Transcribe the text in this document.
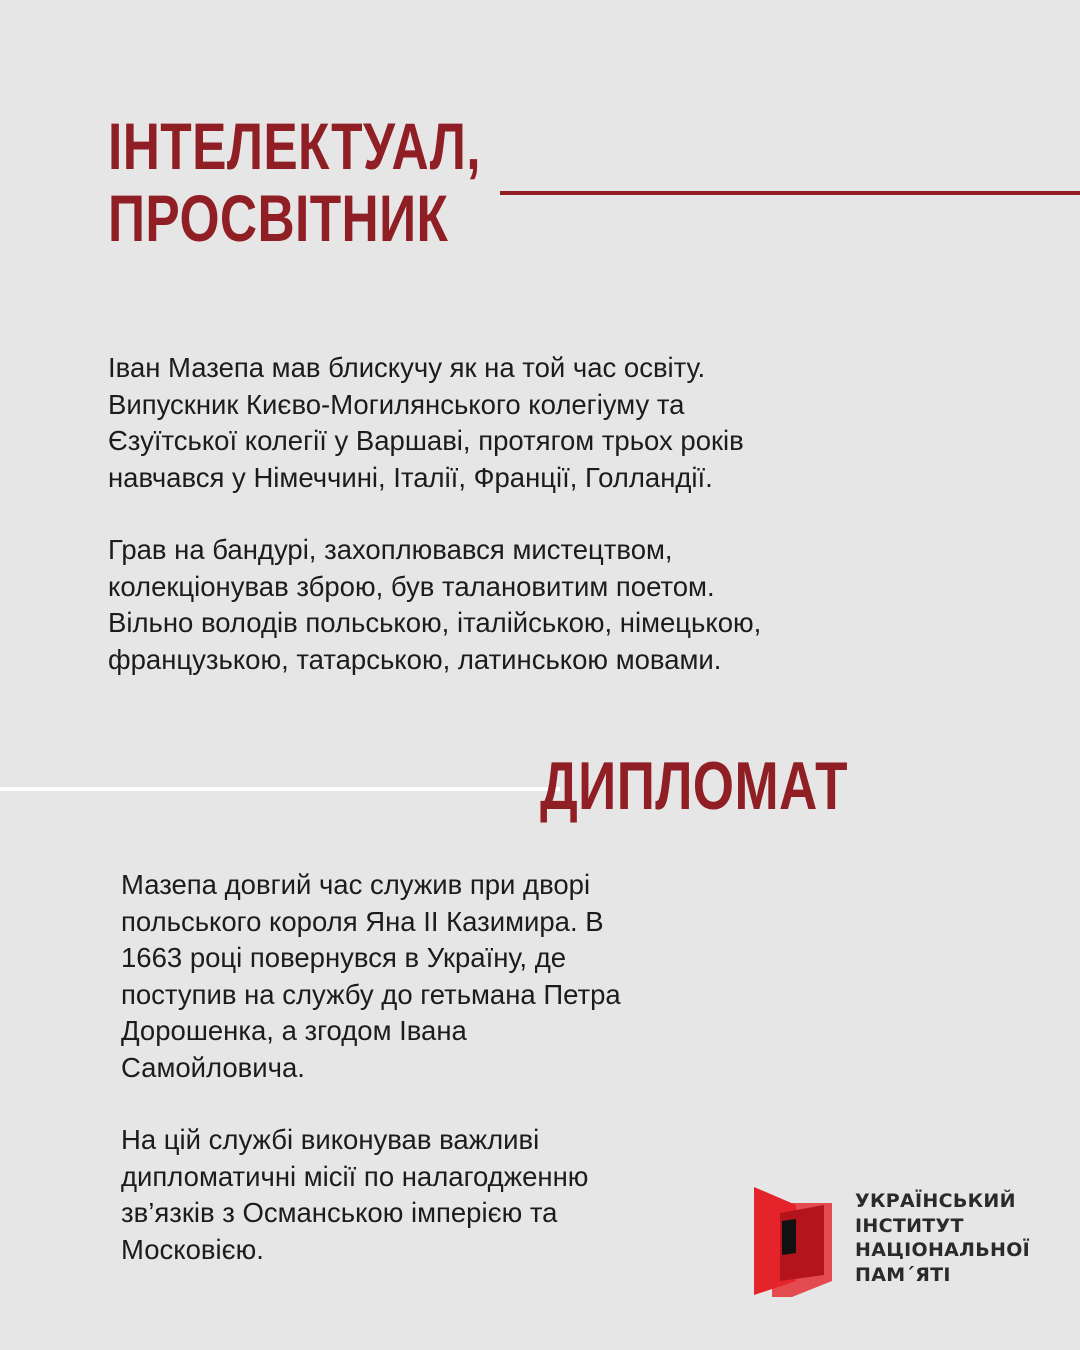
ІНТЕЛЕКТУАЛ,
ПРОСВІТНИК

Іван Мазепа мав блискучу як на той час освіту.
Випускник Києво-Могилянського колегіуму та
Єзуїтської колегії у Варшаві, протягом трьох років
навчався у Німеччині, Італії, Франції, Голландії.

Грав на бандурі, захоплювався мистецтвом,
колекціонував зброю, був талановитим поетом.
Вільно володів польською, італійською, німецькою,
французькою, татарською, латинською мовами.

ДИПЛОМАТ

Мазепа довгий час служив при дворі
польського короля Яна ІІ Казимира. В
1663 році повернувся в Україну, де
поступив на службу до гетьмана Петра
Дорошенка, а згодом Івана
Самойловича.

На цій службі виконував важливі
дипломатичні місії по налагодженню
зв’язків з Османською імперією та
Московією.

УКРАЇНСЬКИЙ
ІНСТИТУТ
НАЦІОНАЛЬНОЇ
ПАМ´ЯТІ
